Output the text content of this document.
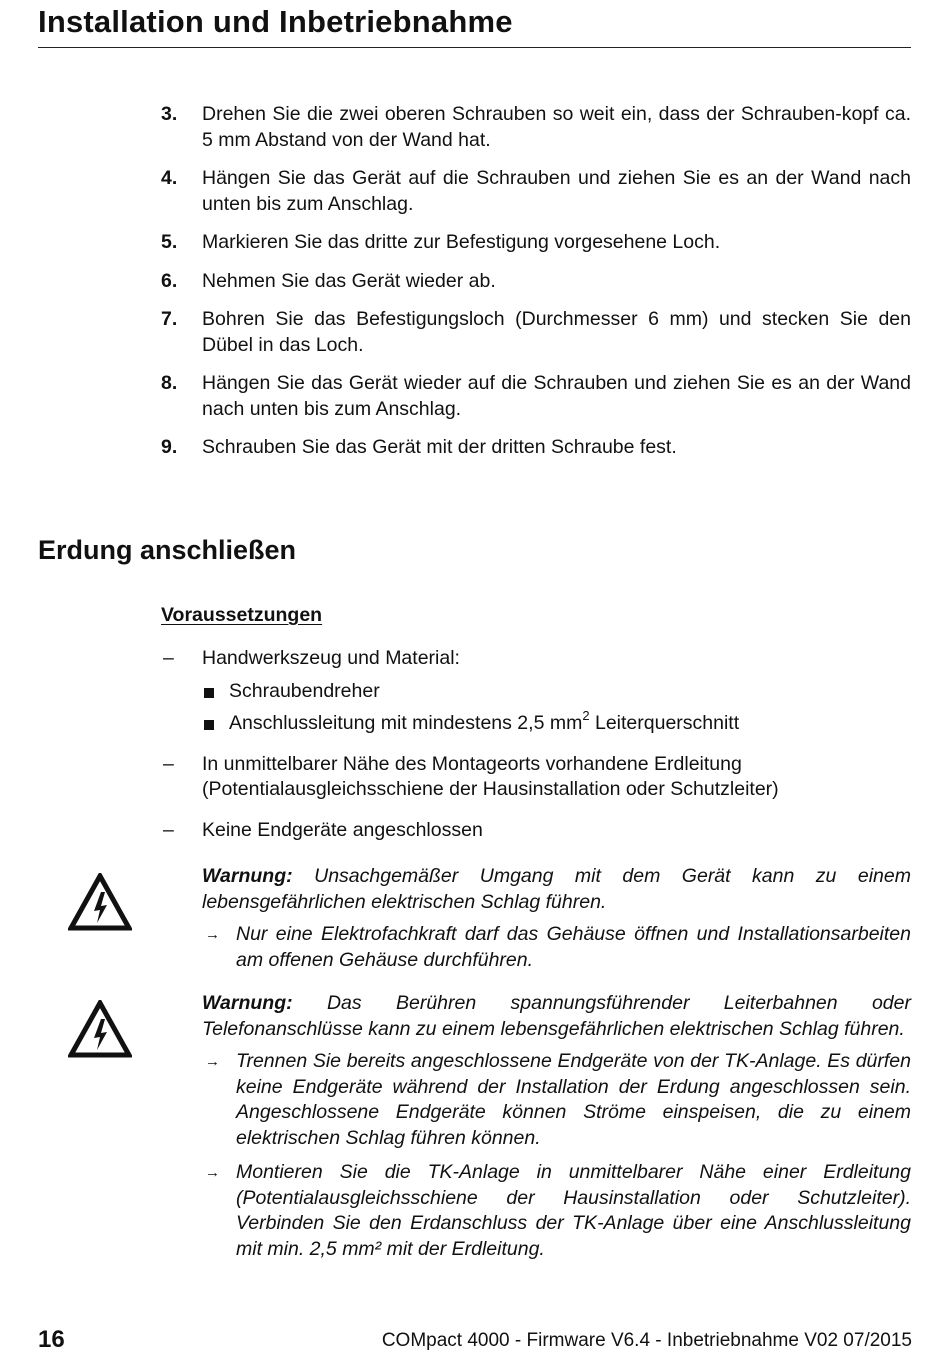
Installation und Inbetriebnahme
3. Drehen Sie die zwei oberen Schrauben so weit ein, dass der Schrauben-kopf ca. 5 mm Abstand von der Wand hat.
4. Hängen Sie das Gerät auf die Schrauben und ziehen Sie es an der Wand nach unten bis zum Anschlag.
5. Markieren Sie das dritte zur Befestigung vorgesehene Loch.
6. Nehmen Sie das Gerät wieder ab.
7. Bohren Sie das Befestigungsloch (Durchmesser 6 mm) und stecken Sie den Dübel in das Loch.
8. Hängen Sie das Gerät wieder auf die Schrauben und ziehen Sie es an der Wand nach unten bis zum Anschlag.
9. Schrauben Sie das Gerät mit der dritten Schraube fest.
Erdung anschließen
Voraussetzungen
– Handwerkszeug und Material:
Schraubendreher
Anschlussleitung mit mindestens 2,5 $mm^2$ Leiterquerschnitt
– In unmittelbarer Nähe des Montageorts vorhandene Erdleitung (Potentialausgleichsschiene der Hausinstallation oder Schutzleiter)
– Keine Endgeräte angeschlossen
Warnung: Unsachgemäßer Umgang mit dem Gerät kann zu einem lebensgefährlichen elektrischen Schlag führen.
→ Nur eine Elektrofachkraft darf das Gehäuse öffnen und Installationsarbeiten am offenen Gehäuse durchführen.
Warnung: Das Berühren spannungsführender Leiterbahnen oder Telefonanschlüsse kann zu einem lebensgefährlichen elektrischen Schlag führen.
→ Trennen Sie bereits angeschlossene Endgeräte von der TK-Anlage. Es dürfen keine Endgeräte während der Installation der Erdung angeschlossen sein. Angeschlossene Endgeräte können Ströme einspeisen, die zu einem elektrischen Schlag führen können.
→ Montieren Sie die TK-Anlage in unmittelbarer Nähe einer Erdleitung (Potentialausgleichsschiene der Hausinstallation oder Schutzleiter). Verbinden Sie den Erdanschluss der TK-Anlage über eine Anschlussleitung mit min. 2,5 mm² mit der Erdleitung.
16	COMpact 4000 - Firmware V6.4 - Inbetriebnahme V02 07/2015
